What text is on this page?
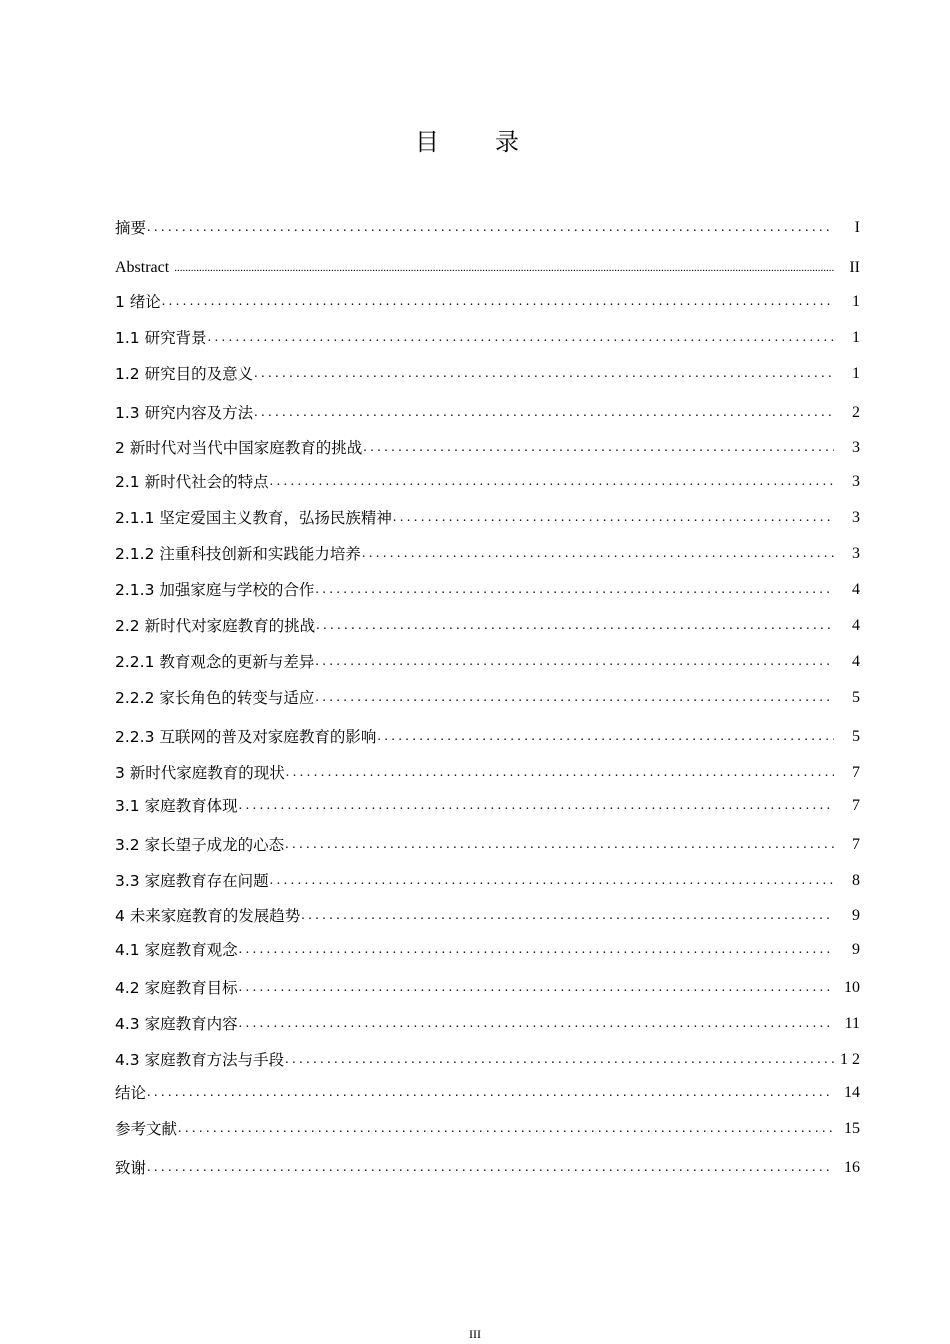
目　录
摘要 . . .	I
Abstract .....	II
1 绪论 . . .	1
1.1 研究背景 . . .	1
1.2 研究目的及意义 . . .	1
1.3 研究内容及方法 . . .	2
2 新时代对当代中国家庭教育的挑战 . . .	3
2.1 新时代社会的特点 . . .	3
2.1.1 坚定爱国主义教育，弘扬民族精神 . . .	3
2.1.2 注重科技创新和实践能力培养 . . .	3
2.1.3 加强家庭与学校的合作 . . .	4
2.2 新时代对家庭教育的挑战 . . .	4
2.2.1 教育观念的更新与差异 . . .	4
2.2.2 家长角色的转变与适应 . . .	5
2.2.3 互联网的普及对家庭教育的影响 . . .	5
3 新时代家庭教育的现状 . . .	7
3.1 家庭教育体现 . . .	7
3.2 家长望子成龙的心态 . . .	7
3.3 家庭教育存在问题 . . .	8
4 未来家庭教育的发展趋势 . . .	9
4.1 家庭教育观念 . . .	9
4.2 家庭教育目标 . . .	10
4.3 家庭教育内容 . . .	11
4.3 家庭教育方法与手段 . . .	1 2
结论 . . .	14
参考文献 . . .	15
致谢 . . .	16
III
